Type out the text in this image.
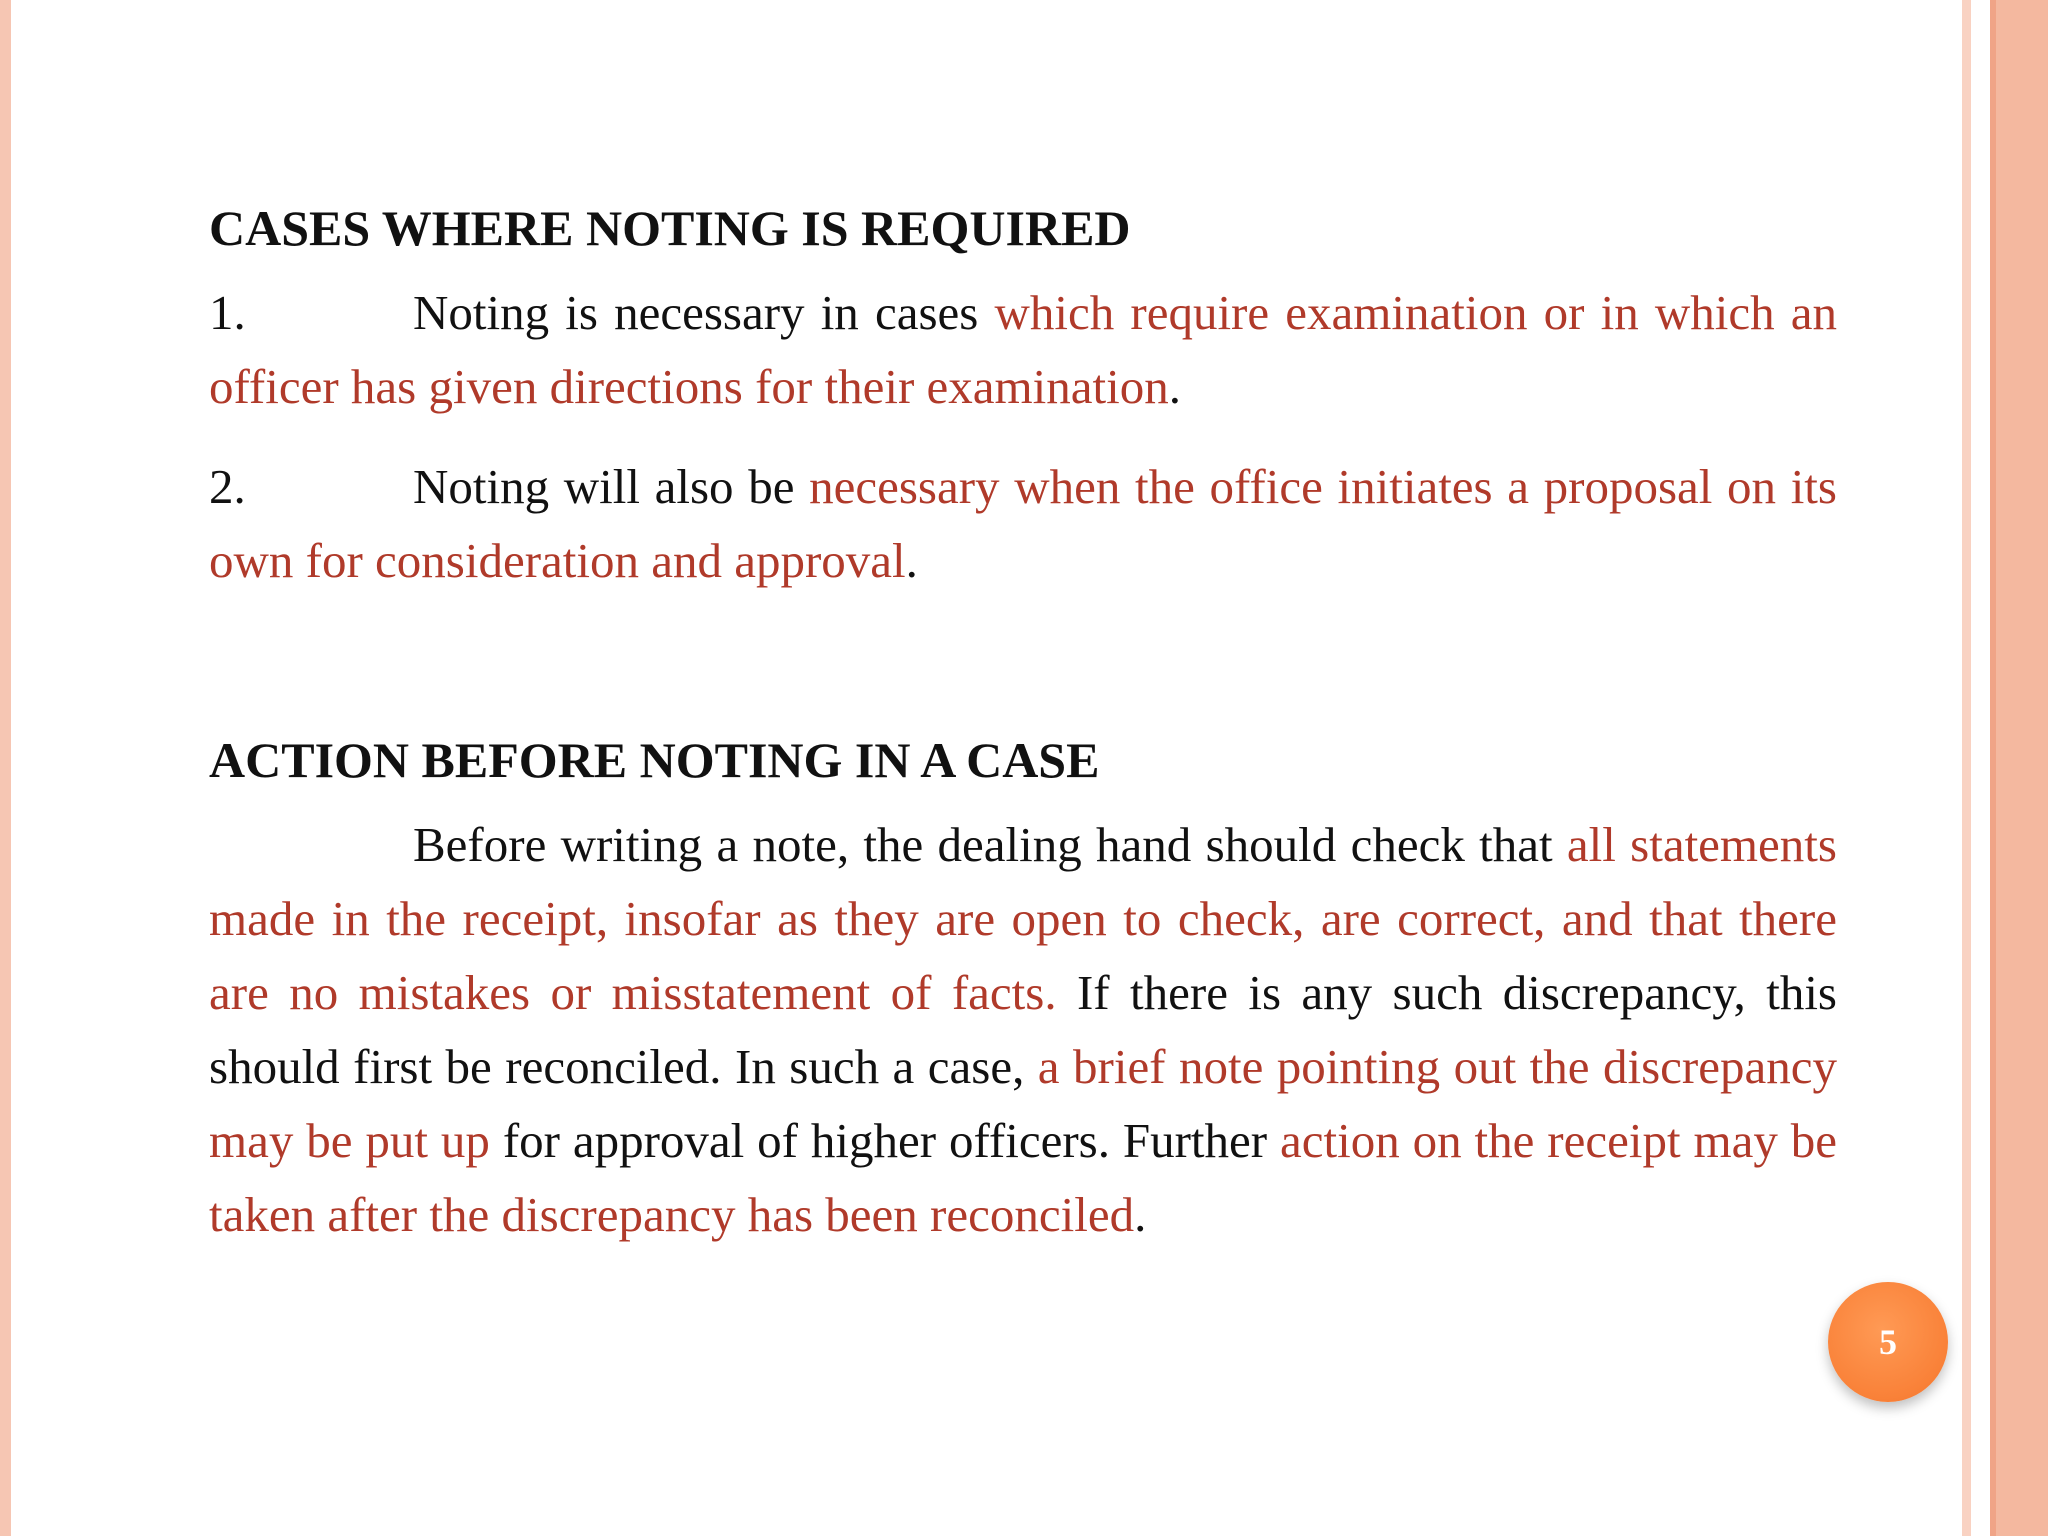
CASES WHERE NOTING IS REQUIRED
1.	Noting is necessary in cases which require examination or in which an officer has given directions for their examination.
2.	Noting will also be necessary when the office initiates a proposal on its own for consideration and approval.
ACTION BEFORE NOTING IN A CASE
Before writing a note, the dealing hand should check that all statements made in the receipt, insofar as they are open to check, are correct, and that there are no mistakes or misstatement of facts. If there is any such discrepancy, this should first be reconciled. In such a case, a brief note pointing out the discrepancy may be put up for approval of higher officers. Further action on the receipt may be taken after the discrepancy has been reconciled.
5
